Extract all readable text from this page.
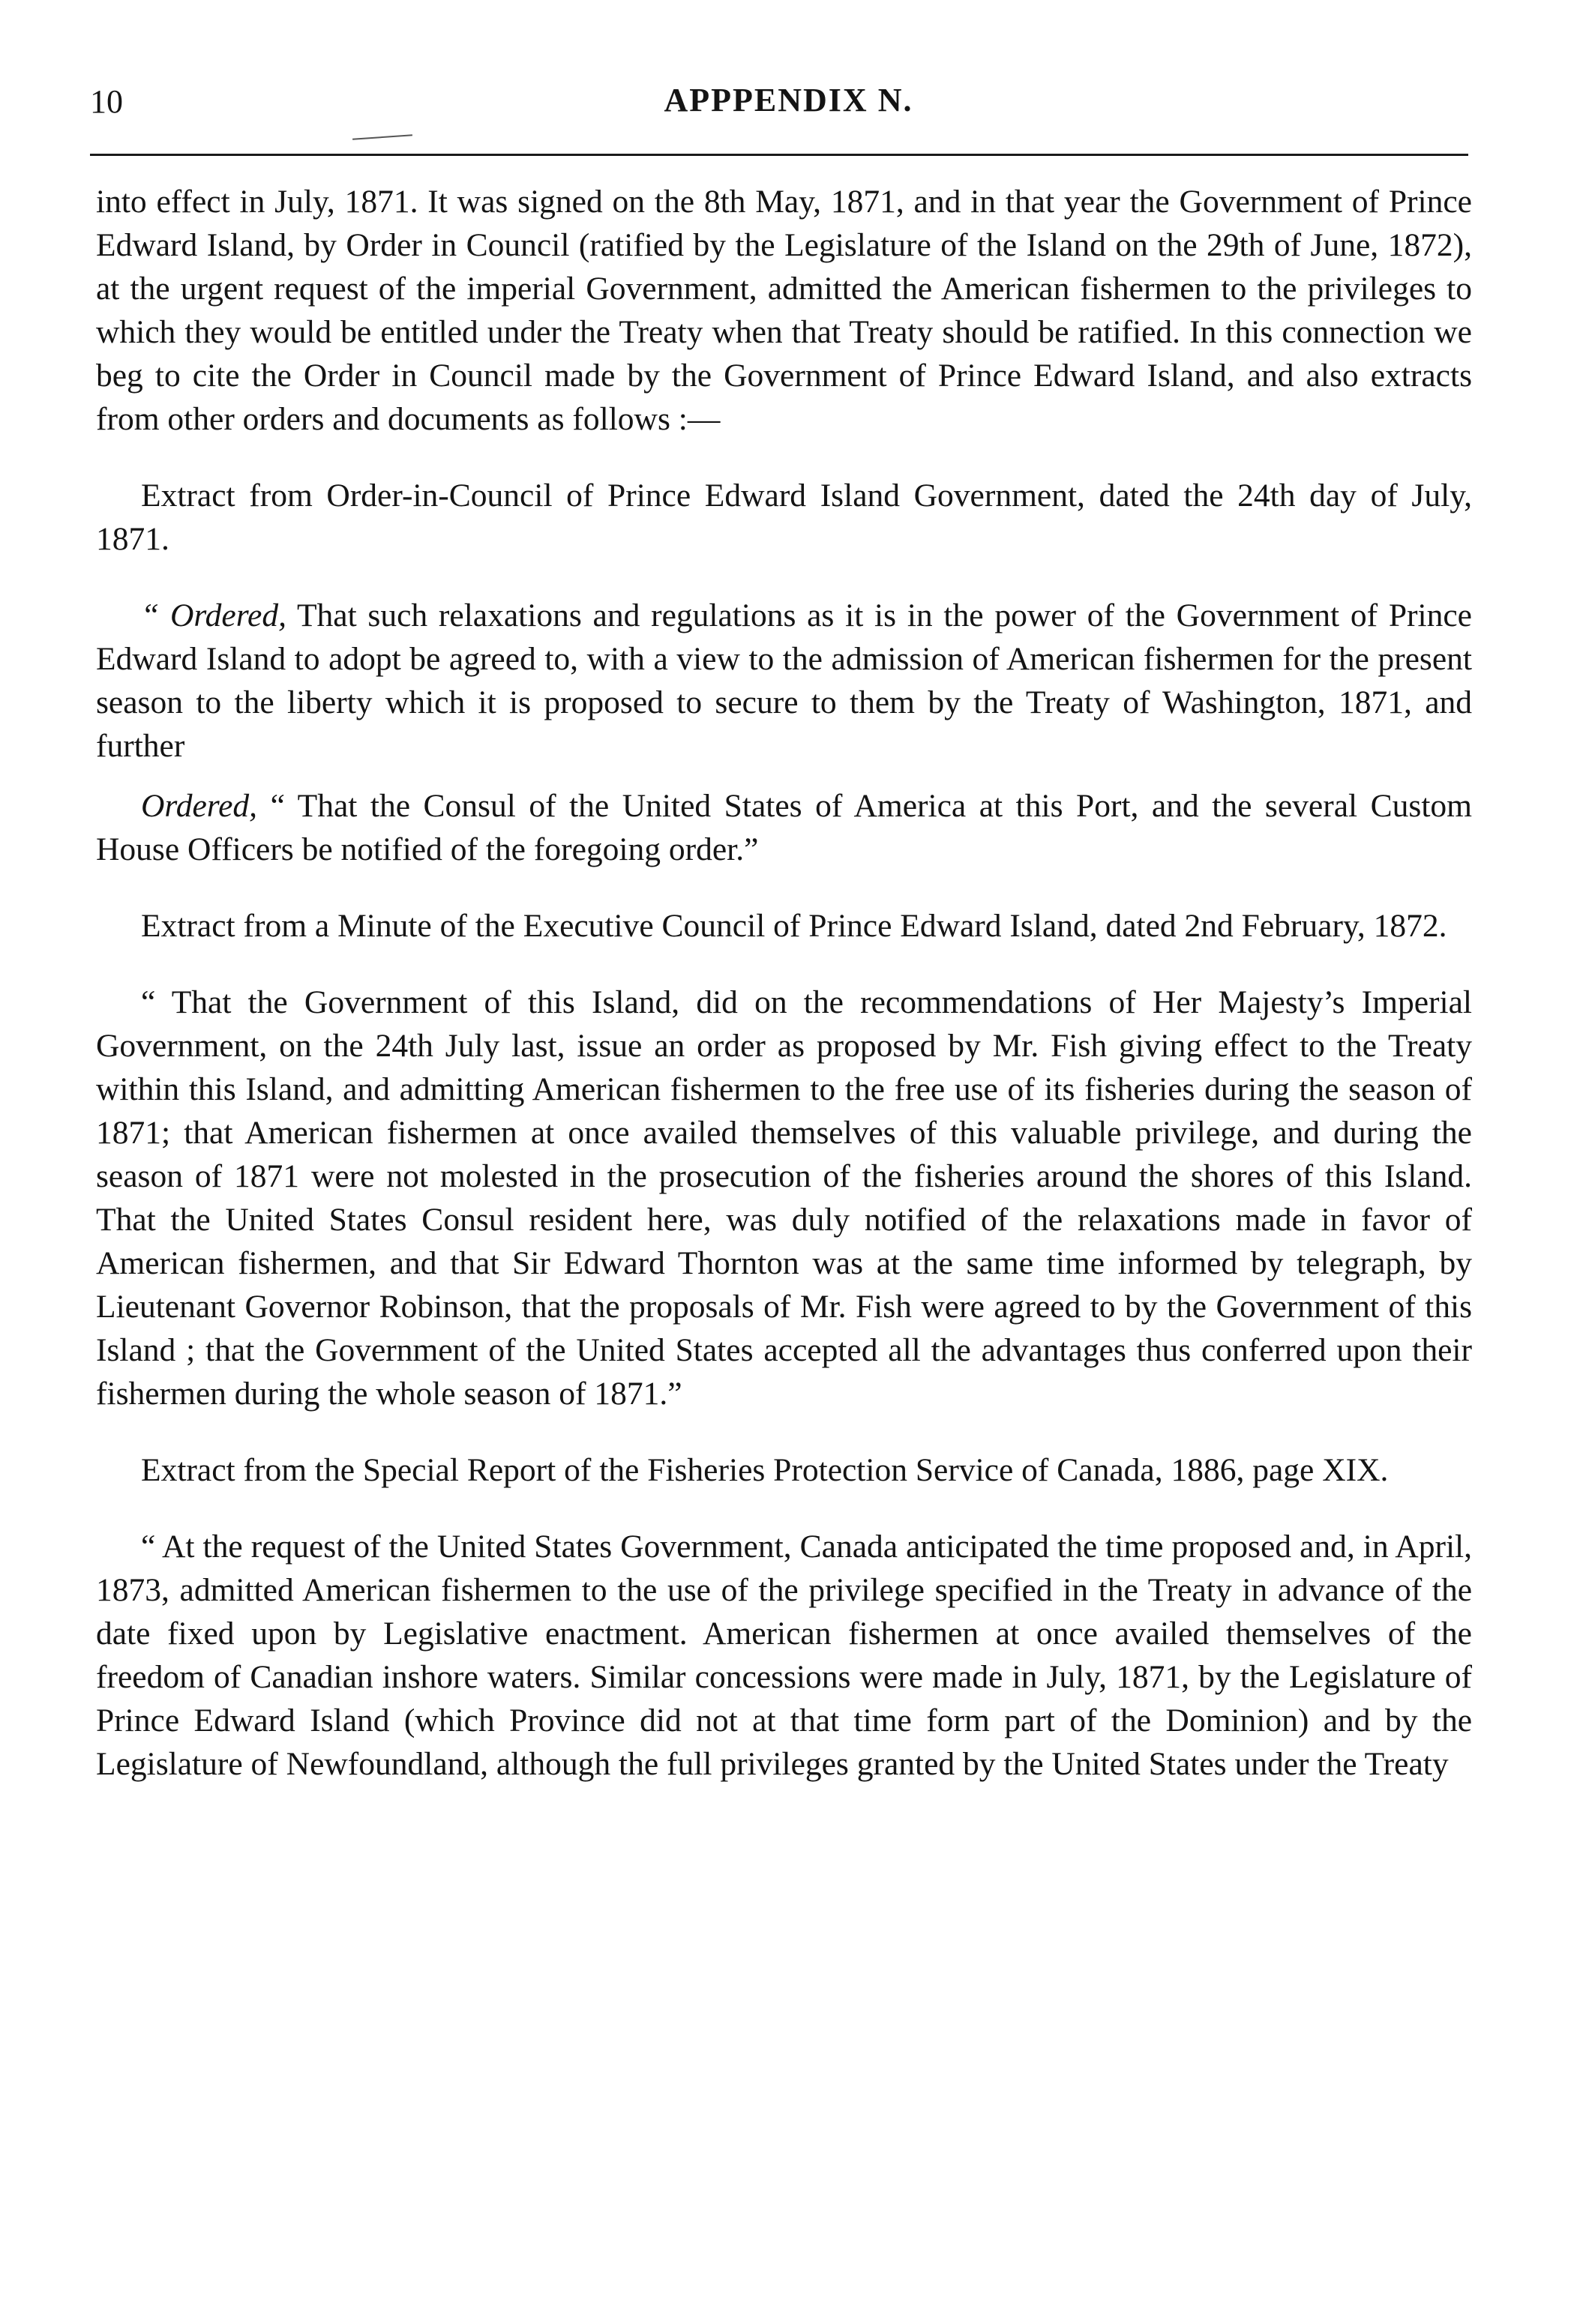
10	APPPENDIX N.

into effect in July, 1871. It was signed on the 8th May, 1871, and in that year the Government of Prince Edward Island, by Order in Council (ratified by the Legislature of the Island on the 29th of June, 1872), at the urgent request of the imperial Government, admitted the American fishermen to the privileges to which they would be entitled under the Treaty when that Treaty should be ratified. In this connection we beg to cite the Order in Council made by the Government of Prince Edward Island, and also extracts from other orders and documents as follows :—

Extract from Order-in-Council of Prince Edward Island Government, dated the 24th day of July, 1871.

“ Ordered, That such relaxations and regulations as it is in the power of the Government of Prince Edward Island to adopt be agreed to, with a view to the admission of American fishermen for the present season to the liberty which it is proposed to secure to them by the Treaty of Washington, 1871, and further

Ordered, “ That the Consul of the United States of America at this Port, and the several Custom House Officers be notified of the foregoing order.”

Extract from a Minute of the Executive Council of Prince Edward Island, dated 2nd February, 1872.

“ That the Government of this Island, did on the recommendations of Her Majesty’s Imperial Government, on the 24th July last, issue an order as proposed by Mr. Fish giving effect to the Treaty within this Island, and admitting American fishermen to the free use of its fisheries during the season of 1871; that American fishermen at once availed themselves of this valuable privilege, and during the season of 1871 were not molested in the prosecution of the fisheries around the shores of this Island. That the United States Consul resident here, was duly notified of the relaxations made in favor of American fishermen, and that Sir Edward Thornton was at the same time informed by telegraph, by Lieutenant Governor Robinson, that the proposals of Mr. Fish were agreed to by the Government of this Island ; that the Government of the United States accepted all the advantages thus conferred upon their fishermen during the whole season of 1871.”

Extract from the Special Report of the Fisheries Protection Service of Canada, 1886, page XIX.

“ At the request of the United States Government, Canada anticipated the time proposed and, in April, 1873, admitted American fishermen to the use of the privilege specified in the Treaty in advance of the date fixed upon by Legislative enactment. American fishermen at once availed themselves of the freedom of Canadian inshore waters. Similar concessions were made in July, 1871, by the Legislature of Prince Edward Island (which Province did not at that time form part of the Dominion) and by the Legislature of Newfoundland, although the full privileges granted by the United States under the Treaty
